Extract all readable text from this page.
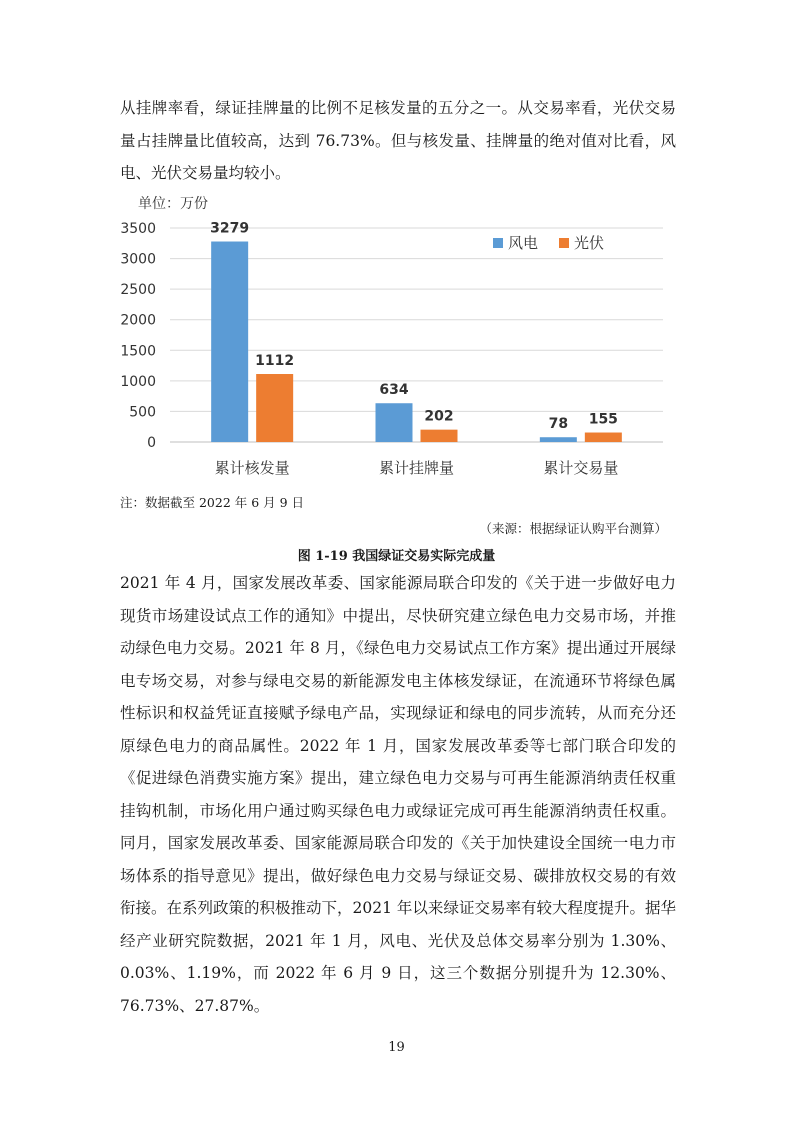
从挂牌率看，绿证挂牌量的比例不足核发量的五分之一。从交易率看，光伏交易量占挂牌量比值较高，达到 76.73%。但与核发量、挂牌量的绝对值对比看，风电、光伏交易量均较小。

单位：万份
0
500
1000
1500
2000
2500
3000
3500	3279
1112
634
202	78 155
累计核发量	累计挂牌量	累计交易量
风电 光伏

注：数据截至 2022 年 6 月 9 日

（来源：根据绿证认购平台测算）

图 1-19 我国绿证交易实际完成量

2021 年 4 月，国家发展改革委、国家能源局联合印发的《关于进一步做好电力现货市场建设试点工作的通知》中提出，尽快研究建立绿色电力交易市场，并推动绿色电力交易。2021 年 8 月，《绿色电力交易试点工作方案》提出通过开展绿电专场交易，对参与绿电交易的新能源发电主体核发绿证，在流通环节将绿色属性标识和权益凭证直接赋予绿电产品，实现绿证和绿电的同步流转，从而充分还原绿色电力的商品属性。2022 年 1 月，国家发展改革委等七部门联合印发的《促进绿色消费实施方案》提出，建立绿色电力交易与可再生能源消纳责任权重挂钩机制，市场化用户通过购买绿色电力或绿证完成可再生能源消纳责任权重。同月，国家发展改革委、国家能源局联合印发的《关于加快建设全国统一电力市场体系的指导意见》提出，做好绿色电力交易与绿证交易、碳排放权交易的有效衔接。在系列政策的积极推动下，2021 年以来绿证交易率有较大程度提升。据华经产业研究院数据，2021 年 1 月，风电、光伏及总体交易率分别为 1.30%、0.03%、1.19%，而 2022 年 6 月 9 日，这三个数据分别提升为 12.30%、76.73%、27.87%。

19
